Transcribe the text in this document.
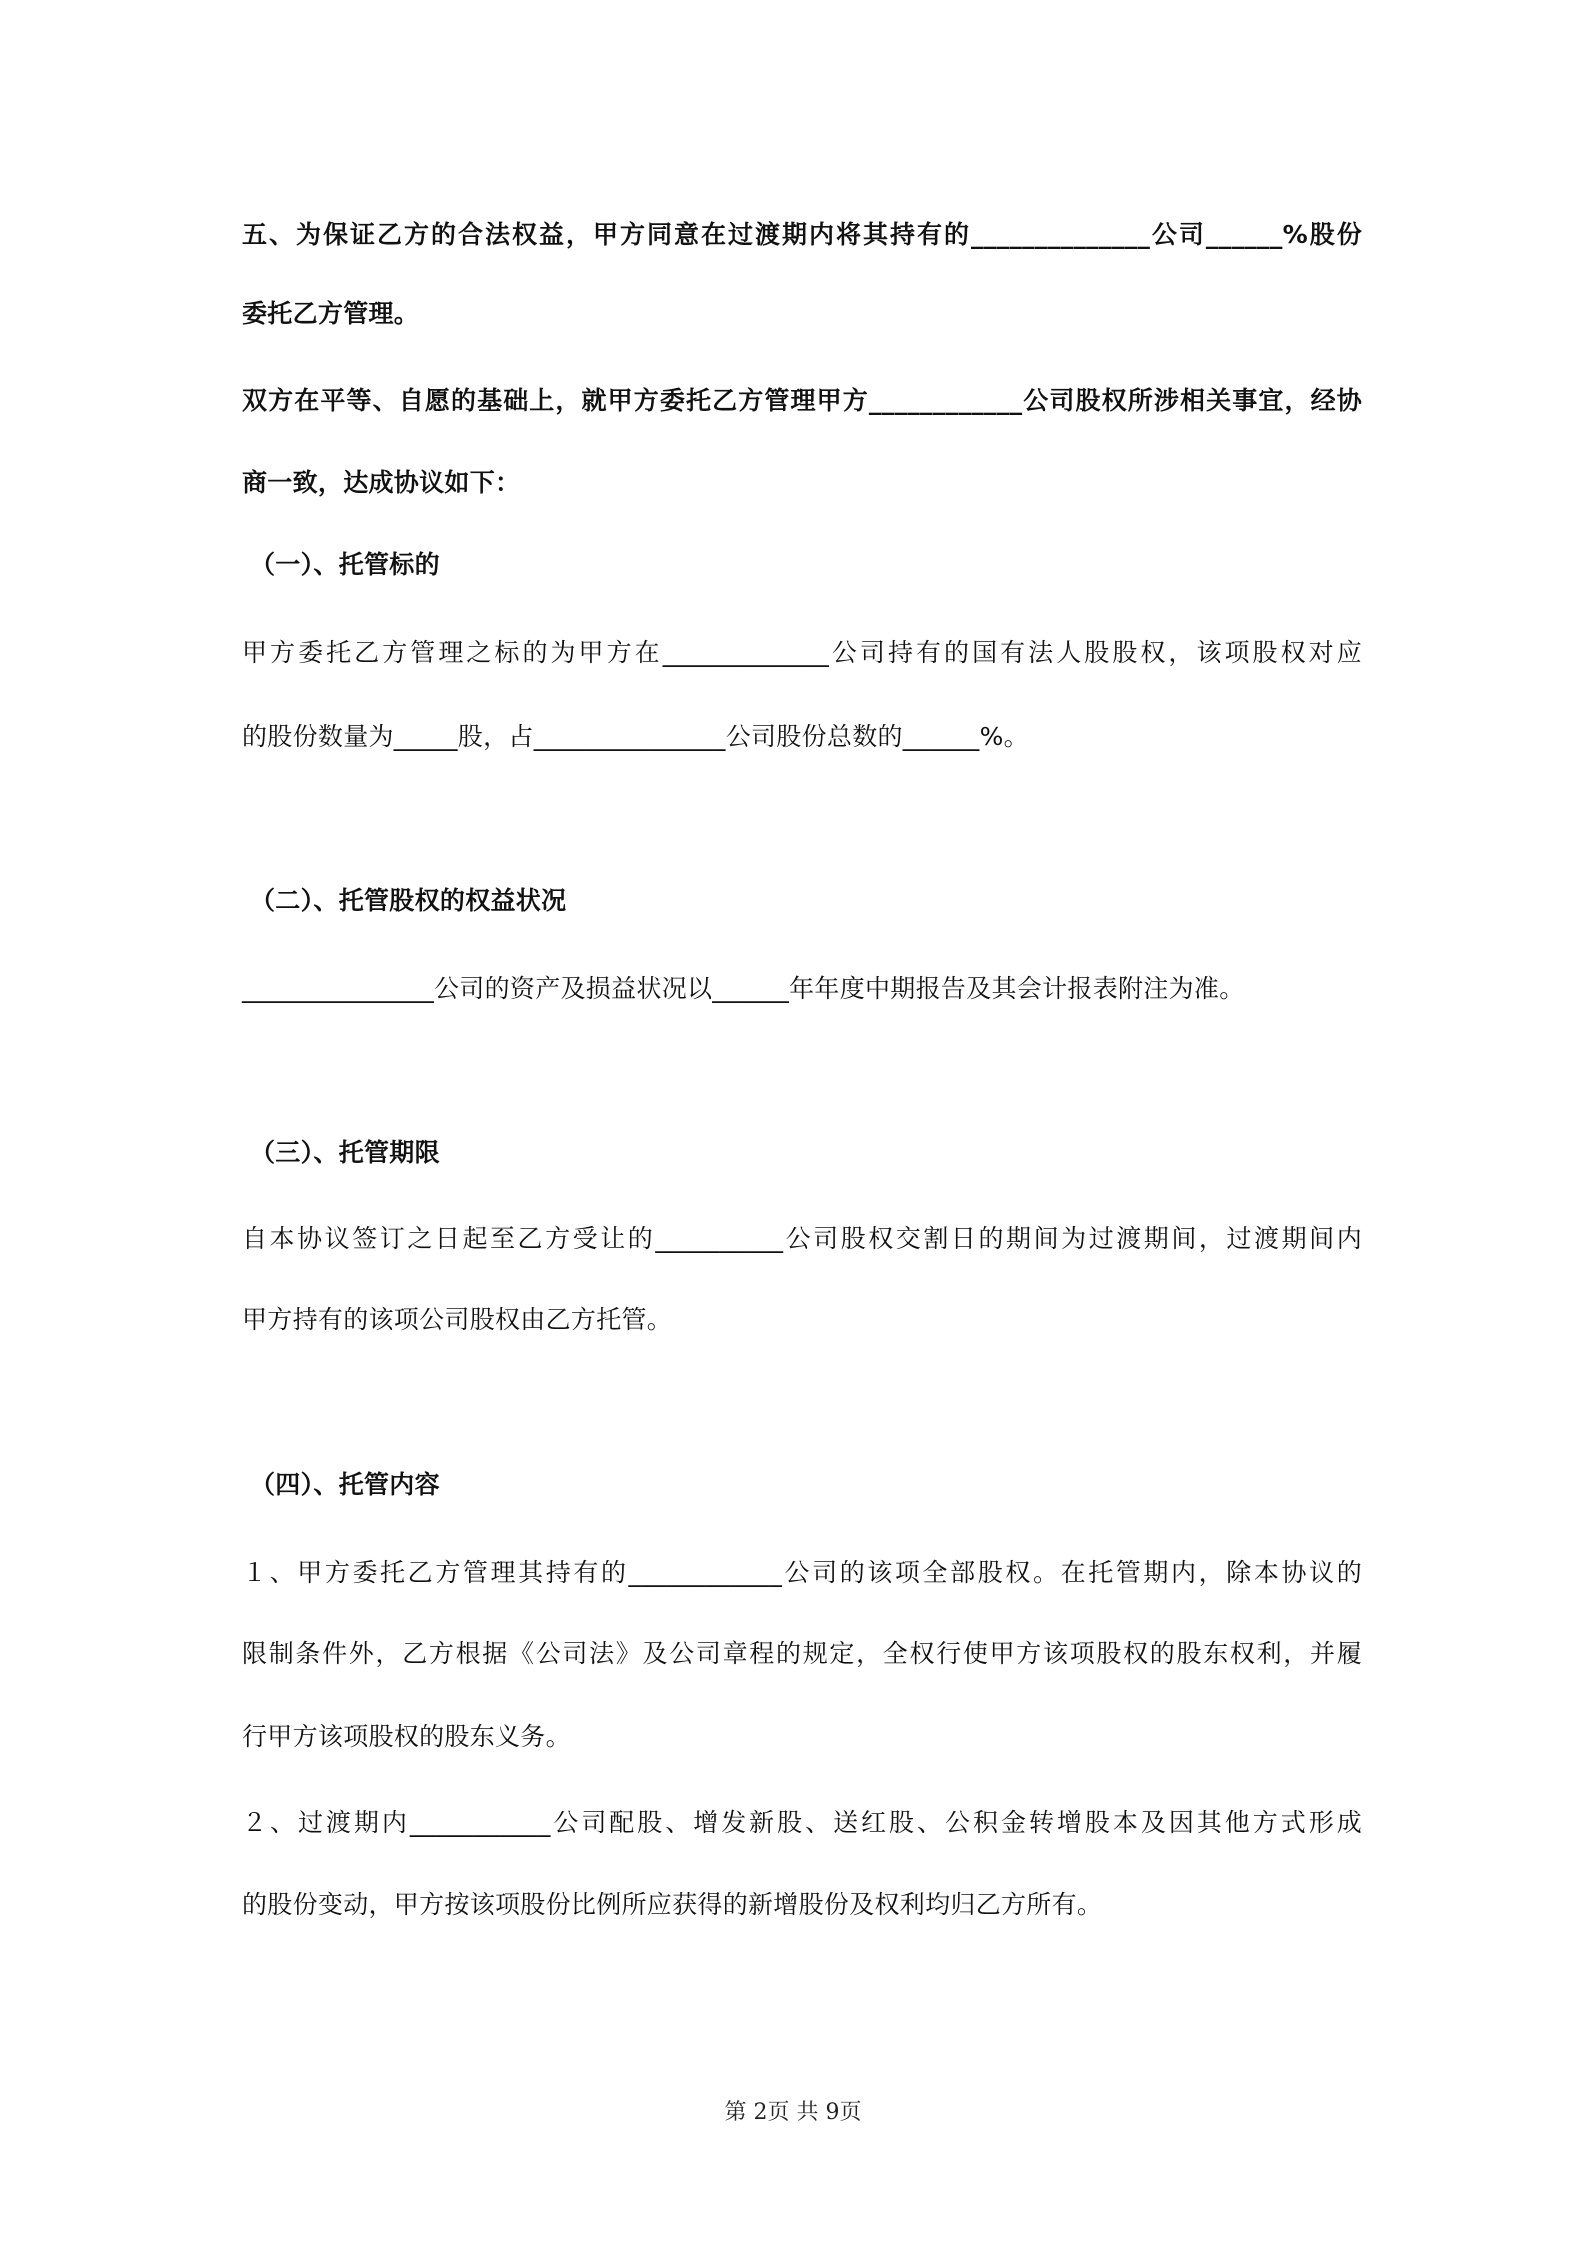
五、为保证乙方的合法权益，甲方同意在过渡期内将其持有的______________公司______%股份
委托乙方管理。
双方在平等、自愿的基础上，就甲方委托乙方管理甲方____________公司股权所涉相关事宜，经协
商一致，达成协议如下：
（一）、托管标的
甲方委托乙方管理之标的为甲方在_____________公司持有的国有法人股股权，该项股权对应
的股份数量为_____股，占_______________公司股份总数的______%。
（二）、托管股权的权益状况
_______________公司的资产及损益状况以______年年度中期报告及其会计报表附注为准。
（三）、托管期限
自本协议签订之日起至乙方受让的__________公司股权交割日的期间为过渡期间，过渡期间内
甲方持有的该项公司股权由乙方托管。
（四）、托管内容
１、甲方委托乙方管理其持有的____________公司的该项全部股权。在托管期内，除本协议的
限制条件外，乙方根据《公司法》及公司章程的规定，全权行使甲方该项股权的股东权利，并履
行甲方该项股权的股东义务。
２、过渡期内___________公司配股、增发新股、送红股、公积金转增股本及因其他方式形成
的股份变动，甲方按该项股份比例所应获得的新增股份及权利均归乙方所有。
第 2页 共 9页
